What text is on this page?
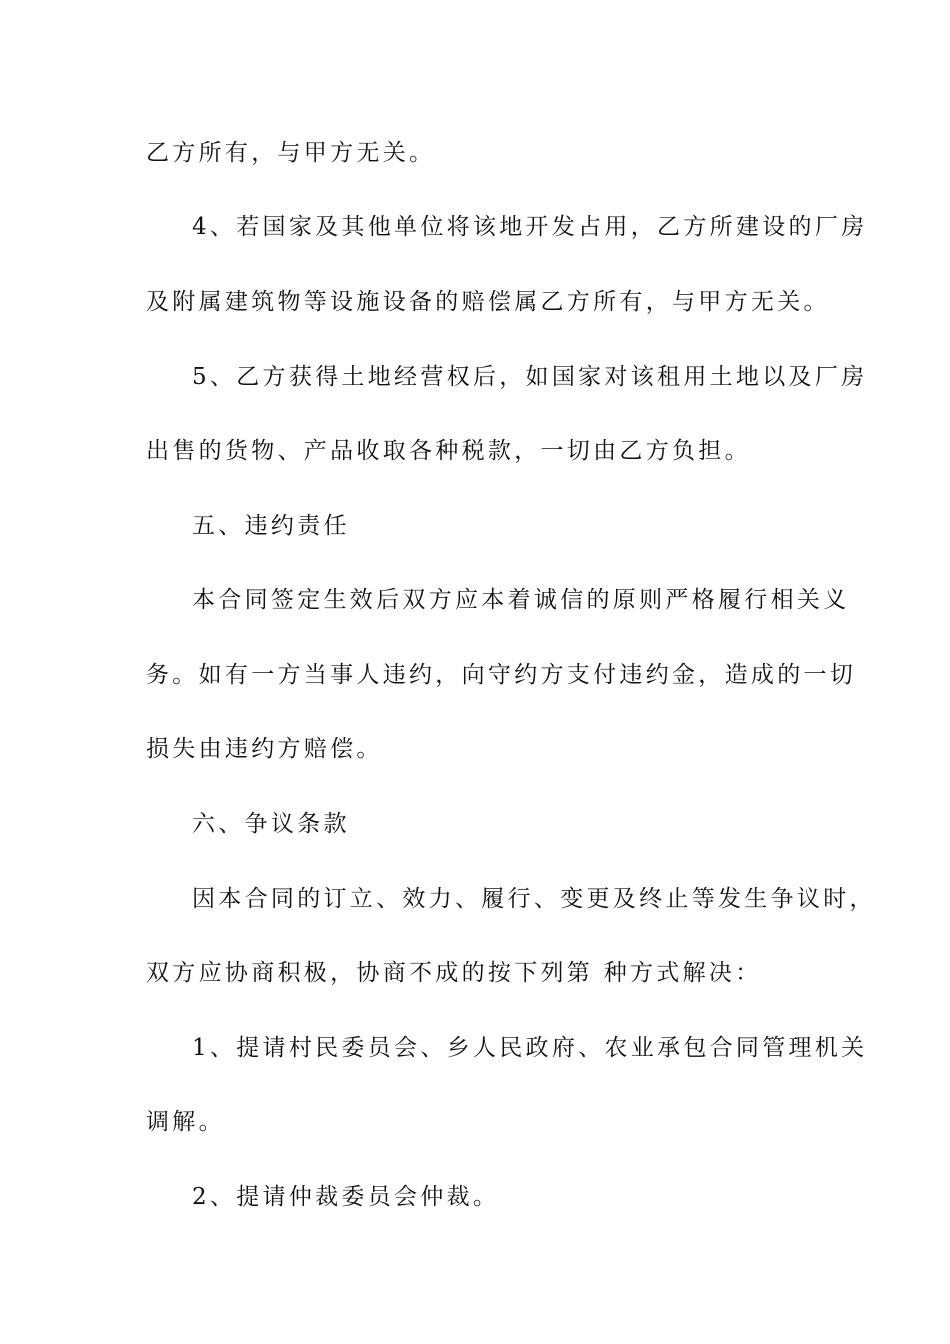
乙方所有，与甲方无关。
4、若国家及其他单位将该地开发占用，乙方所建设的厂房
及附属建筑物等设施设备的赔偿属乙方所有，与甲方无关。
5、乙方获得土地经营权后，如国家对该租用土地以及厂房
出售的货物、产品收取各种税款，一切由乙方负担。
五、违约责任
本合同签定生效后双方应本着诚信的原则严格履行相关义
务。如有一方当事人违约，向守约方支付违约金，造成的一切
损失由违约方赔偿。
六、争议条款
因本合同的订立、效力、履行、变更及终止等发生争议时，
双方应协商积极，协商不成的按下列第 种方式解决：
1、提请村民委员会、乡人民政府、农业承包合同管理机关
调解。
2、提请仲裁委员会仲裁。
